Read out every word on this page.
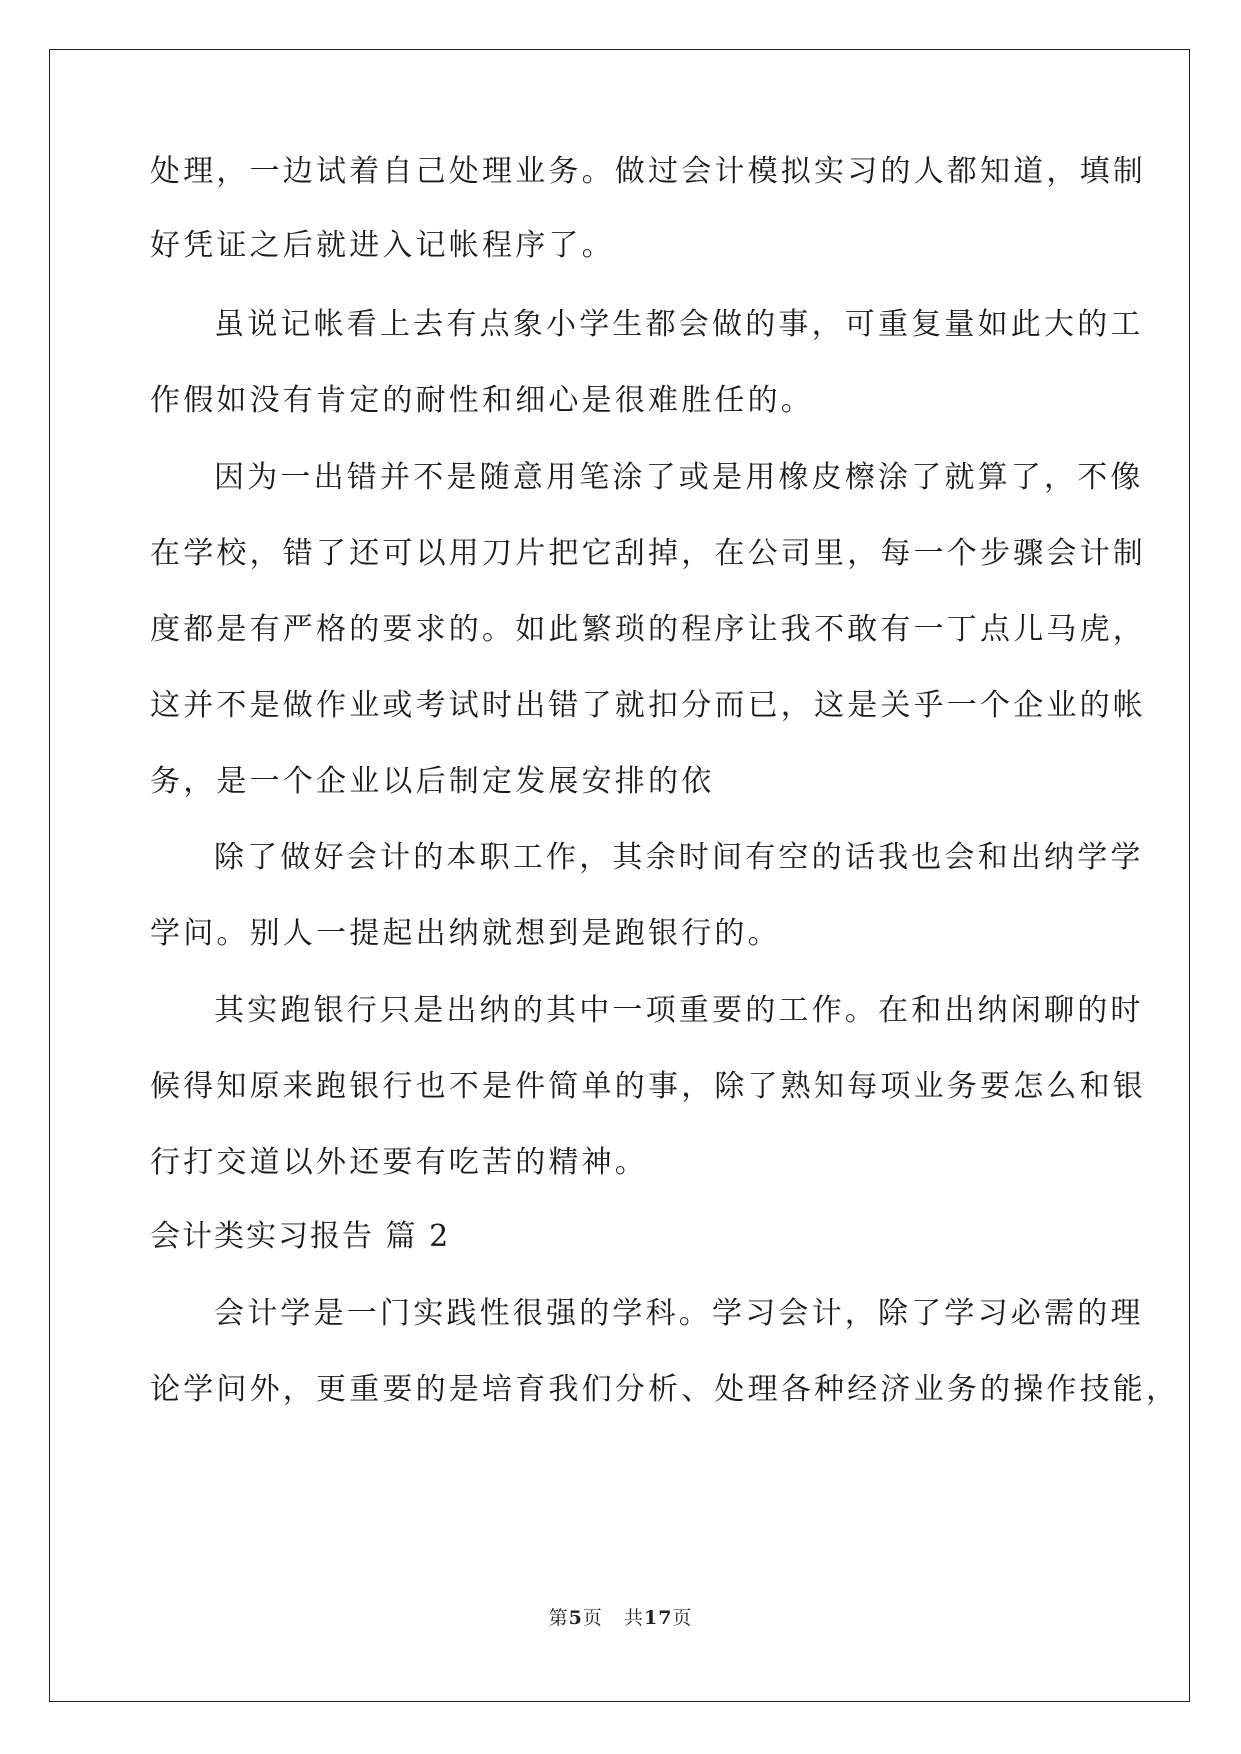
处理，一边试着自己处理业务。做过会计模拟实习的人都知道，填制
好凭证之后就进入记帐程序了。
虽说记帐看上去有点象小学生都会做的事，可重复量如此大的工
作假如没有肯定的耐性和细心是很难胜任的。
因为一出错并不是随意用笔涂了或是用橡皮檫涂了就算了，不像
在学校，错了还可以用刀片把它刮掉，在公司里，每一个步骤会计制
度都是有严格的要求的。如此繁琐的程序让我不敢有一丁点儿马虎，
这并不是做作业或考试时出错了就扣分而已，这是关乎一个企业的帐
务，是一个企业以后制定发展安排的依
除了做好会计的本职工作，其余时间有空的话我也会和出纳学学
学问。别人一提起出纳就想到是跑银行的。
其实跑银行只是出纳的其中一项重要的工作。在和出纳闲聊的时
候得知原来跑银行也不是件简单的事，除了熟知每项业务要怎么和银
行打交道以外还要有吃苦的精神。
会计类实习报告 篇 2
会计学是一门实践性很强的学科。学习会计，除了学习必需的理
论学问外，更重要的是培育我们分析、处理各种经济业务的操作技能，
第5页 共17页
